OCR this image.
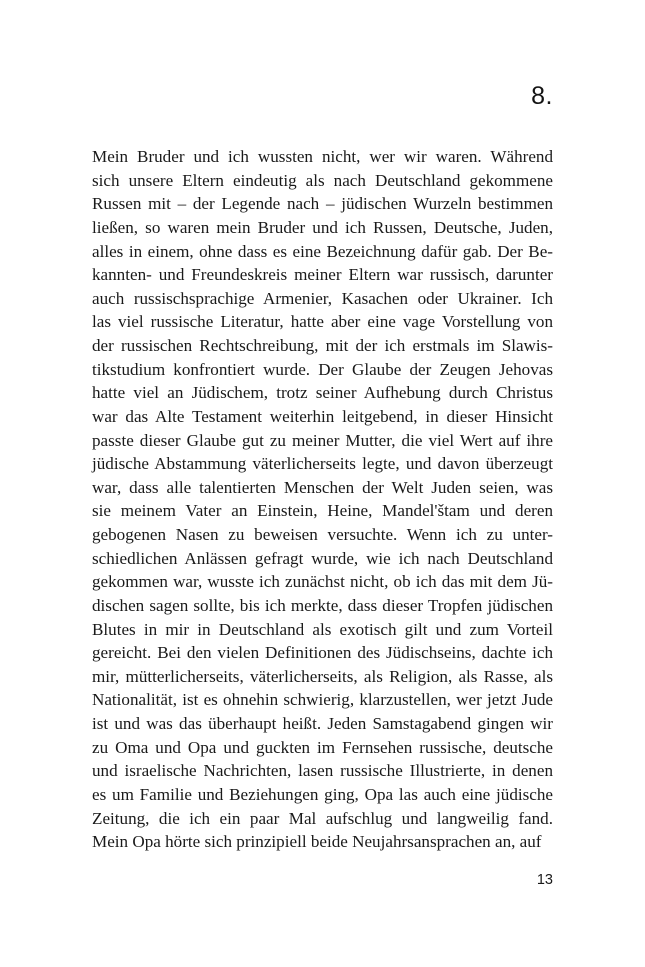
8.
Mein Bruder und ich wussten nicht, wer wir waren. Während
sich unsere Eltern eindeutig als nach Deutschland gekommene
Russen mit – der Legende nach – jüdischen Wurzeln bestimmen
ließen, so waren mein Bruder und ich Russen, Deutsche, Juden,
alles in einem, ohne dass es eine Bezeichnung dafür gab. Der Be-
kannten- und Freundeskreis meiner Eltern war russisch, darunter
auch russischsprachige Armenier, Kasachen oder Ukrainer. Ich
las viel russische Literatur, hatte aber eine vage Vorstellung von
der russischen Rechtschreibung, mit der ich erstmals im Slawis-
tikstudium konfrontiert wurde. Der Glaube der Zeugen Jehovas
hatte viel an Jüdischem, trotz seiner Aufhebung durch Christus
war das Alte Testament weiterhin leitgebend, in dieser Hinsicht
passte dieser Glaube gut zu meiner Mutter, die viel Wert auf ihre
jüdische Abstammung väterlicherseits legte, und davon überzeugt
war, dass alle talentierten Menschen der Welt Juden seien, was
sie meinem Vater an Einstein, Heine, Mandel'štam und deren
gebogenen Nasen zu beweisen versuchte. Wenn ich zu unter-
schiedlichen Anlässen gefragt wurde, wie ich nach Deutschland
gekommen war, wusste ich zunächst nicht, ob ich das mit dem Jü-
dischen sagen sollte, bis ich merkte, dass dieser Tropfen jüdischen
Blutes in mir in Deutschland als exotisch gilt und zum Vorteil
gereicht. Bei den vielen Definitionen des Jüdischseins, dachte ich
mir, mütterlicherseits, väterlicherseits, als Religion, als Rasse, als
Nationalität, ist es ohnehin schwierig, klarzustellen, wer jetzt Jude
ist und was das überhaupt heißt. Jeden Samstagabend gingen wir
zu Oma und Opa und guckten im Fernsehen russische, deutsche
und israelische Nachrichten, lasen russische Illustrierte, in denen
es um Familie und Beziehungen ging, Opa las auch eine jüdische
Zeitung, die ich ein paar Mal aufschlug und langweilig fand.
Mein Opa hörte sich prinzipiell beide Neujahrsansprachen an, auf
13
